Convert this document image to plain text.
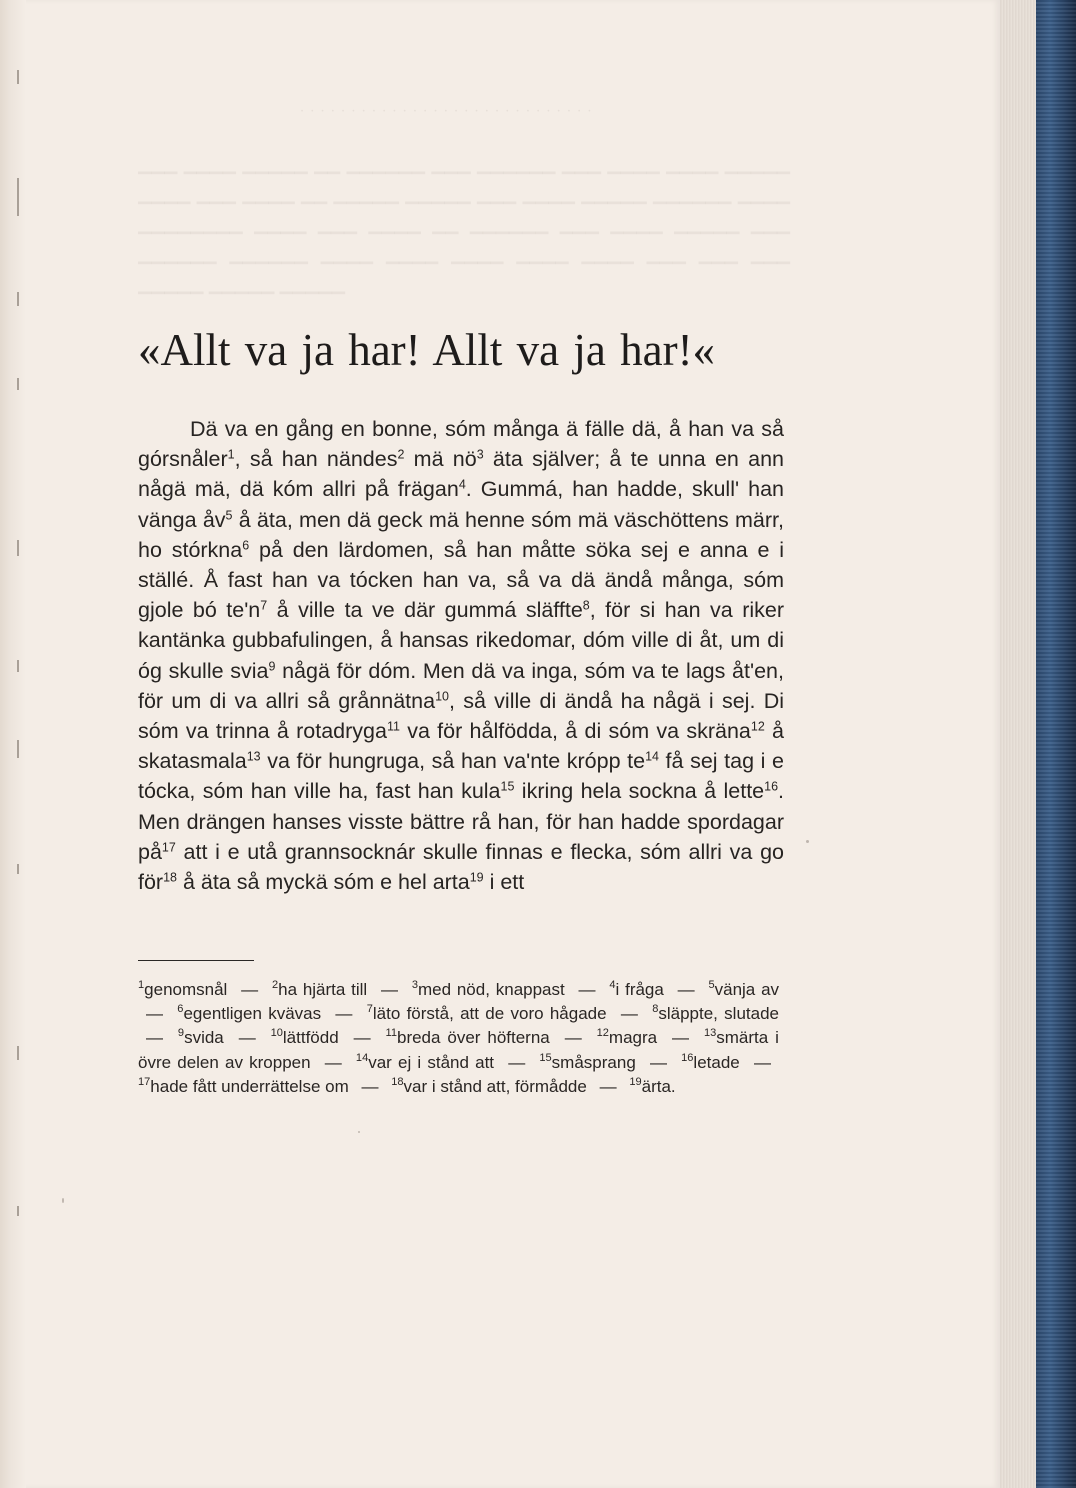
· · · · · · · · · · · · · · · · · · · · · · · · · · · · ·
▁▁▁ ▁▁▁▁ ▁▁▁▁▁ ▁▁ ▁▁▁▁▁▁ ▁▁▁ ▁▁▁▁▁▁ ▁▁▁ ▁▁▁▁ ▁▁▁▁ ▁▁▁▁▁ ▁▁▁▁ ▁▁▁ ▁▁▁▁ ▁▁ ▁▁▁▁▁ ▁▁▁▁▁ ▁▁▁ ▁▁▁▁ ▁▁▁▁▁ ▁▁▁▁▁▁ ▁▁▁▁ ▁▁▁▁▁▁▁▁ ▁▁▁▁ ▁▁▁ ▁▁▁▁ ▁▁ ▁▁▁▁▁▁ ▁▁▁ ▁▁▁▁ ▁▁▁▁▁ ▁▁▁ ▁▁▁▁▁▁ ▁▁▁▁▁▁ ▁▁▁▁ ▁▁▁▁ ▁▁▁▁ ▁▁▁▁ ▁▁▁▁ ▁▁▁ ▁▁▁ ▁▁▁ ▁▁▁▁▁ ▁▁▁▁▁ ▁▁▁▁▁
«Allt va ja har! Allt va ja har!«

Dä va en gång en bonne, sóm många ä fälle dä, å han va så górsnåler$^1$, så han nändes$^2$ mä $nö^3$ äta själver; å te unna en ann någä mä, dä kóm allri på frägan$^4$. Gummá, han hadde, skull' han vänga $åv^5$ å äta, men dä geck mä henne sóm mä väschöttens märr, ho stórkna$^6$ på den lärdomen, så han måtte söka sej e anna e i ställé. Å fast han va tócken han va, så va dä ändå många, sóm gjole bó $te'n^7$ å ville ta ve där gummá släffte$^8$, för si han va riker kantänka gubbafulingen, å hansas rikedomar, dóm ville di åt, um di óg skulle svia$^9$ någä för dóm. Men dä va inga, sóm va te lags åt'en, för um di va allri så grånnätna$^{10}$, så ville di ändå ha någä i sej. Di sóm va trinna å rotadryga$^{11}$ va för hålfödda, å di sóm va skräna$^{12}$ å skatasmala$^{13}$ va för hungruga, så han va'nte krópp $te^{14}$ få sej tag i e tócka, sóm han ville ha, fast han kula$^{15}$ ikring hela sockna å lette$^{16}$. Men drängen hanses visste bättre rå han, för han hadde spordagar $på^{17}$ att i e utå grannsocknár skulle finnas e flecka, sóm allri va go för$^{18}$ å äta så myckä sóm e hel arta$^{19}$ i ett

$^1$genomsnål — $^2$ha hjärta till — $^3$med nöd, knappast — $^4$i fråga — $^5$vänja av — $^6$egentligen kvävas — $^7$läto förstå, att de voro hågade — $^8$släppte, slutade — $^9$svida — $^{10}$lättfödd — $^{11}$breda över höfterna — $^{12}$magra — $^{13}$smärta i övre delen av kroppen — $^{14}$var ej i stånd att — $^{15}$småsprang — $^{16}$letade — $^{17}$hade fått underrättelse om — $^{18}$var i stånd att, förmådde — $^{19}$ärta.
